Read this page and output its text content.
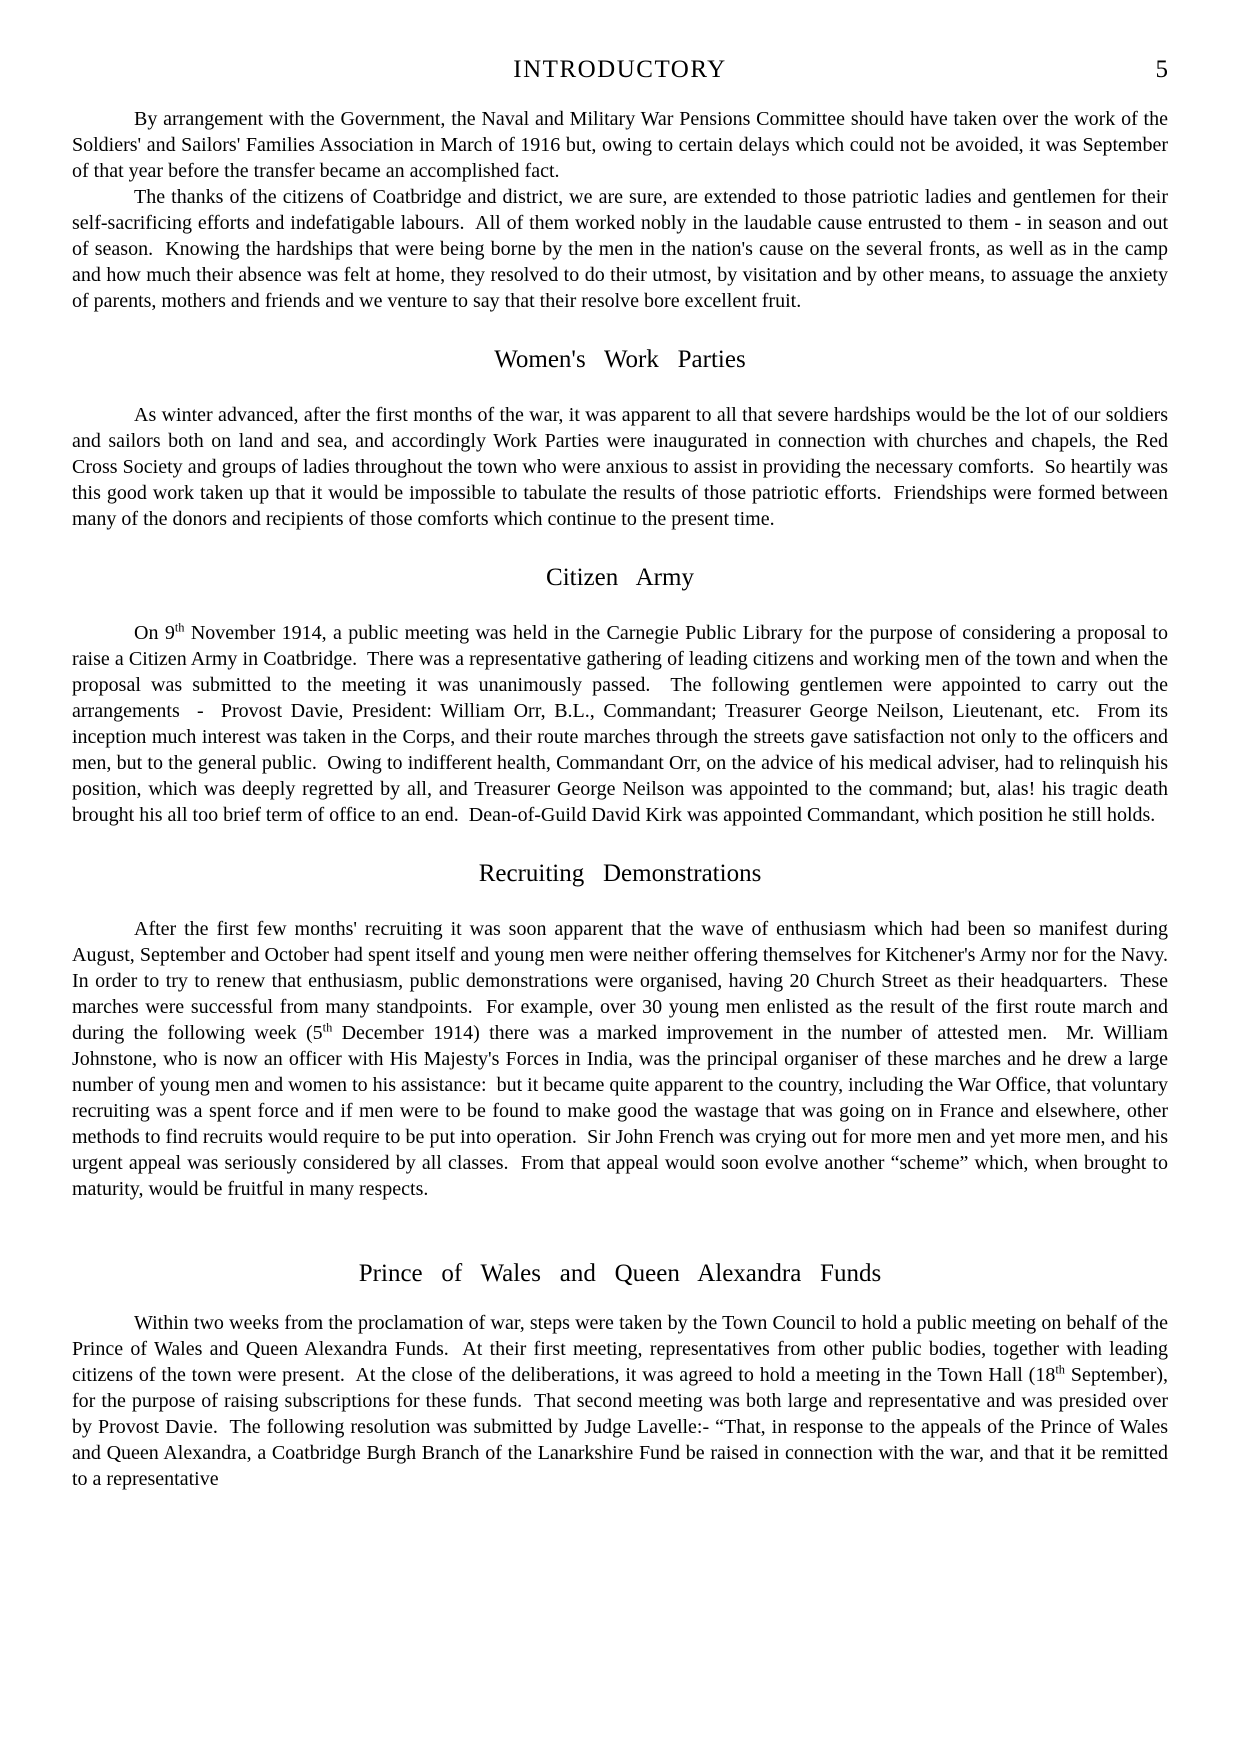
INTRODUCTORY	5

By arrangement with the Government, the Naval and Military War Pensions Committee should have taken over the work of the Soldiers' and Sailors' Families Association in March of 1916 but, owing to certain delays which could not be avoided, it was September of that year before the transfer became an accomplished fact.

The thanks of the citizens of Coatbridge and district, we are sure, are extended to those patriotic ladies and gentlemen for their self-sacrificing efforts and indefatigable labours.  All of them worked nobly in the laudable cause entrusted to them - in season and out of season.  Knowing the hardships that were being borne by the men in the nation's cause on the several fronts, as well as in the camp and how much their absence was felt at home, they resolved to do their utmost, by visitation and by other means, to assuage the anxiety of parents, mothers and friends and we venture to say that their resolve bore excellent fruit.

Women's Work Parties

As winter advanced, after the first months of the war, it was apparent to all that severe hardships would be the lot of our soldiers and sailors both on land and sea, and accordingly Work Parties were inaugurated in connection with churches and chapels, the Red Cross Society and groups of ladies throughout the town who were anxious to assist in providing the necessary comforts.  So heartily was this good work taken up that it would be impossible to tabulate the results of those patriotic efforts.  Friendships were formed between many of the donors and recipients of those comforts which continue to the present time.

Citizen Army

On 9th November 1914, a public meeting was held in the Carnegie Public Library for the purpose of considering a proposal to raise a Citizen Army in Coatbridge.  There was a representative gathering of leading citizens and working men of the town and when the proposal was submitted to the meeting it was unanimously passed.  The following gentlemen were appointed to carry out the arrangements  -  Provost Davie, President: William Orr, B.L., Commandant; Treasurer George Neilson, Lieutenant, etc.  From its inception much interest was taken in the Corps, and their route marches through the streets gave satisfaction not only to the officers and men, but to the general public.  Owing to indifferent health, Commandant Orr, on the advice of his medical adviser, had to relinquish his position, which was deeply regretted by all, and Treasurer George Neilson was appointed to the command; but, alas! his tragic death brought his all too brief term of office to an end.  Dean-of-Guild David Kirk was appointed Commandant, which position he still holds.

Recruiting Demonstrations

After the first few months' recruiting it was soon apparent that the wave of enthusiasm which had been so manifest during August, September and October had spent itself and young men were neither offering themselves for Kitchener's Army nor for the Navy.  In order to try to renew that enthusiasm, public demonstrations were organised, having 20 Church Street as their headquarters.  These marches were successful from many standpoints.  For example, over 30 young men enlisted as the result of the first route march and during the following week (5th December 1914) there was a marked improvement in the number of attested men.  Mr. William Johnstone, who is now an officer with His Majesty's Forces in India, was the principal organiser of these marches and he drew a large number of young men and women to his assistance:  but it became quite apparent to the country, including the War Office, that voluntary recruiting was a spent force and if men were to be found to make good the wastage that was going on in France and elsewhere, other methods to find recruits would require to be put into operation.  Sir John French was crying out for more men and yet more men, and his urgent appeal was seriously considered by all classes.  From that appeal would soon evolve another “scheme” which, when brought to maturity, would be fruitful in many respects.

Prince of Wales and Queen Alexandra Funds

Within two weeks from the proclamation of war, steps were taken by the Town Council to hold a public meeting on behalf of the Prince of Wales and Queen Alexandra Funds.  At their first meeting, representatives from other public bodies, together with leading citizens of the town were present.  At the close of the deliberations, it was agreed to hold a meeting in the Town Hall (18th September), for the purpose of raising subscriptions for these funds.  That second meeting was both large and representative and was presided over by Provost Davie.  The following resolution was submitted by Judge Lavelle:- “That, in response to the appeals of the Prince of Wales and Queen Alexandra, a Coatbridge Burgh Branch of the Lanarkshire Fund be raised in connection with the war, and that it be remitted to a representative
